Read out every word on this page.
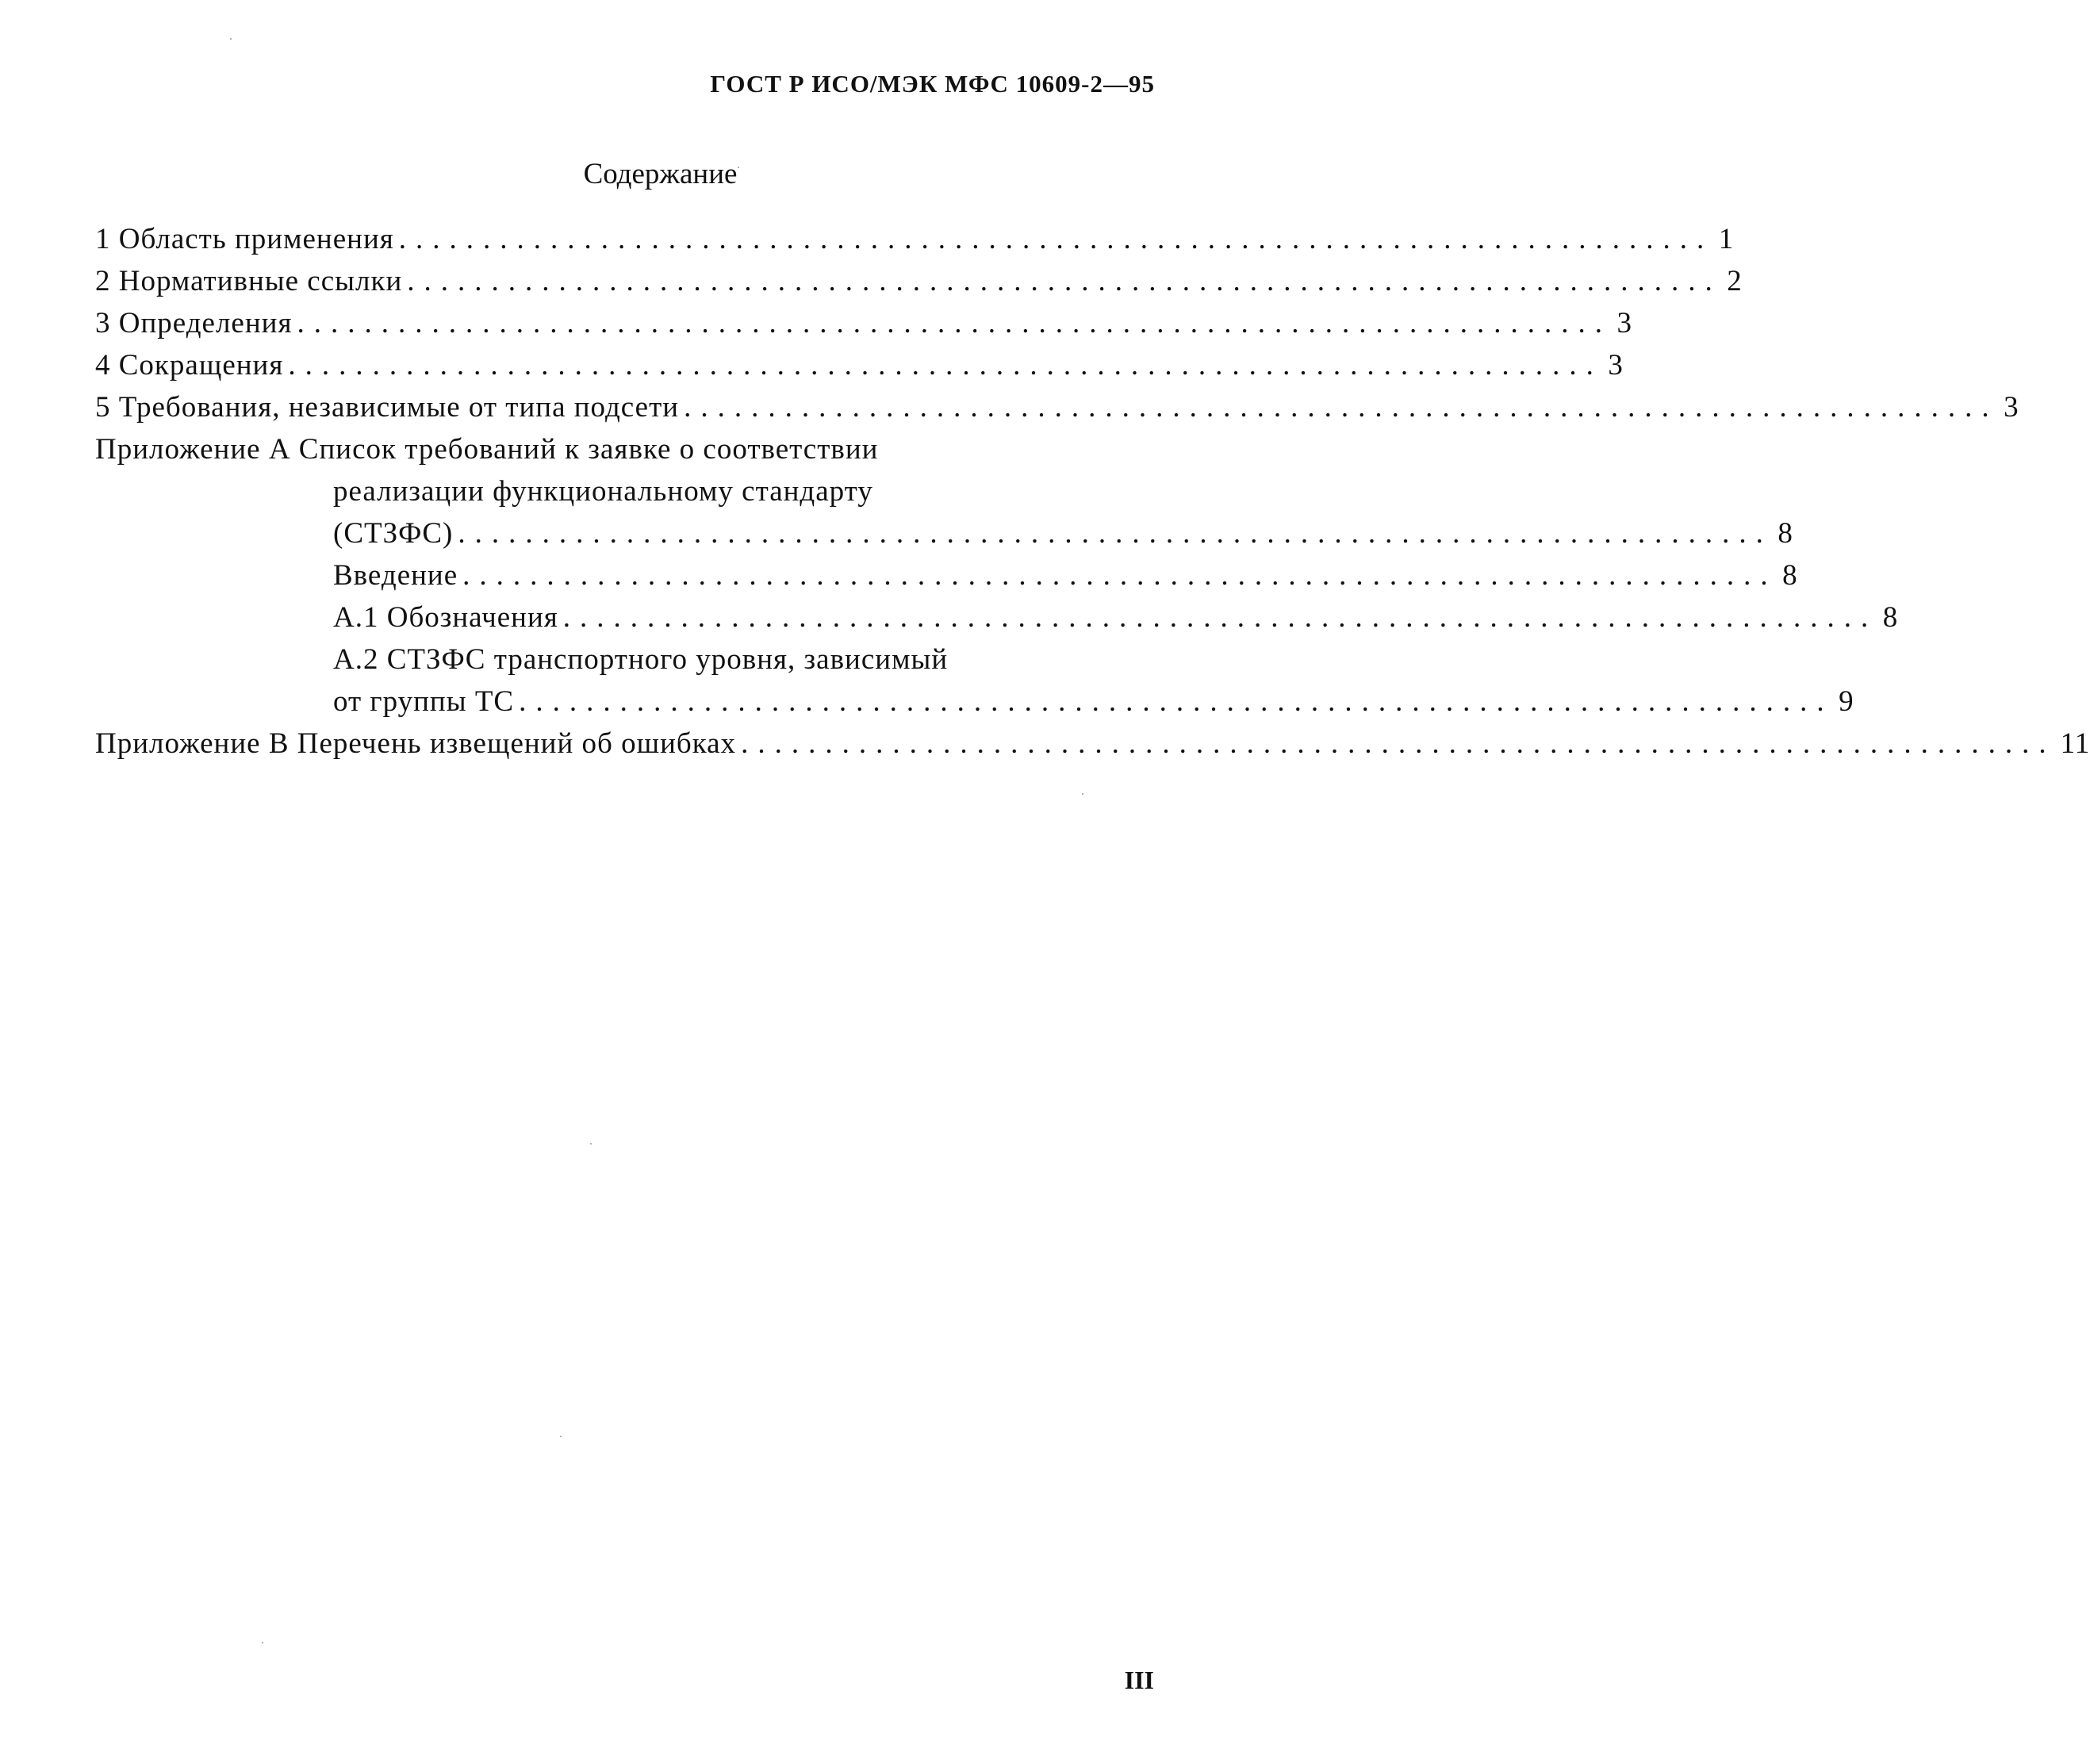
ГОСТ Р ИСО/МЭК МФС 10609-2—95
Содержание
1 Область применения .............................................................................. 1
2 Нормативные ссылки .............................................................................. 2
3 Определения .............................................................................. 3
4 Сокращения .............................................................................. 3
5 Требования, независимые от типа подсети .............................................................................. 3
Приложение А Список требований к заявке о соответствии
реализации функциональному стандарту
(СТЗФС) .............................................................................. 8
Введение .............................................................................. 8
А.1 Обозначения .............................................................................. 8
А.2 СТЗФС транспортного уровня, зависимый
от группы ТС .............................................................................. 9
Приложение В Перечень извещений об ошибках .............................................................................. 11
III
